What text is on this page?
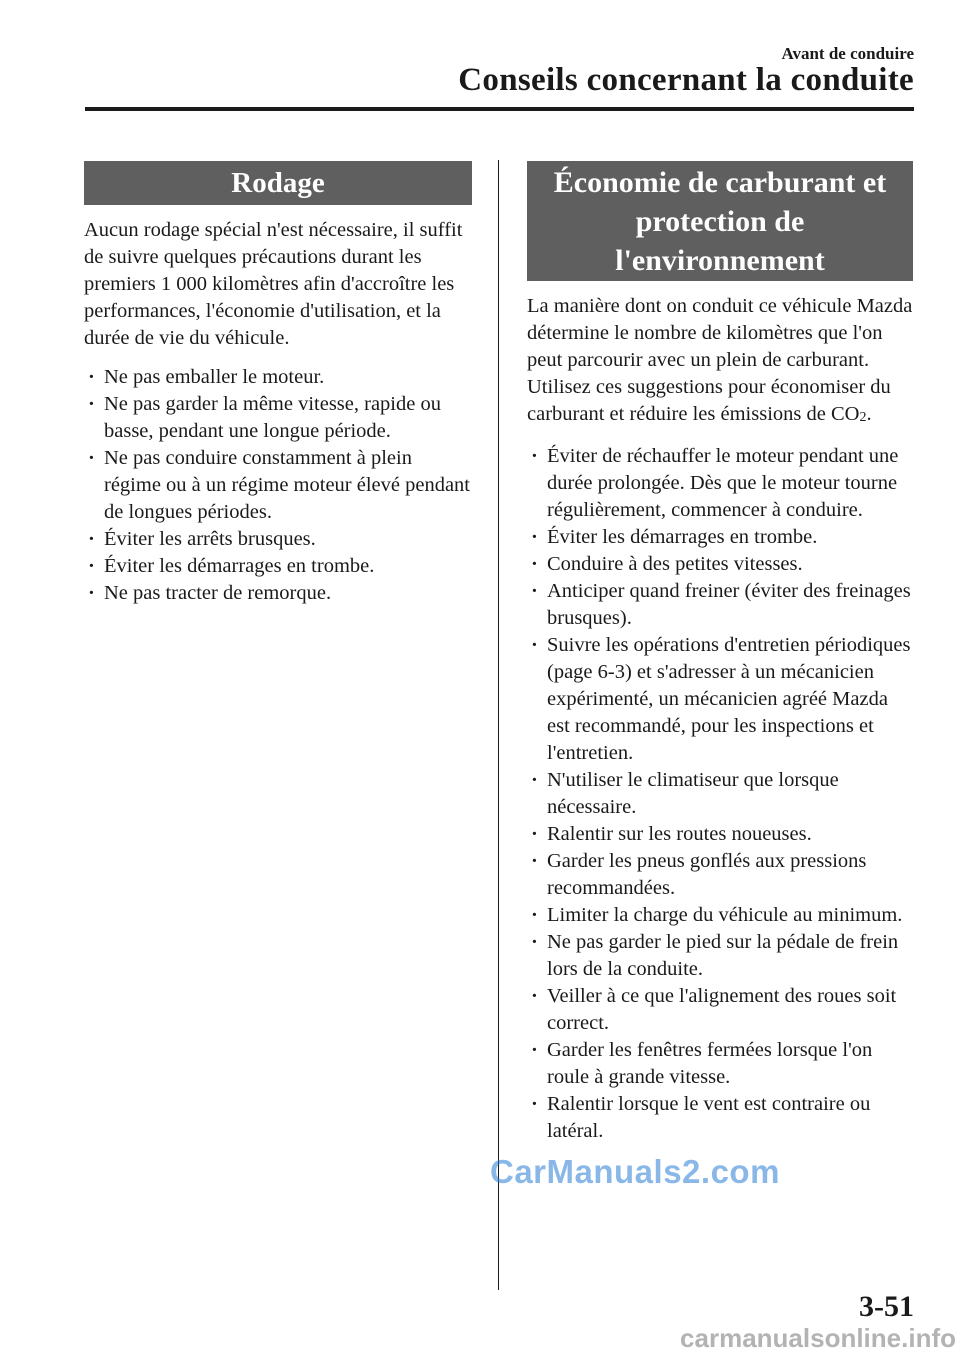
Avant de conduire
Conseils concernant la conduite
Rodage

Aucun rodage spécial n'est nécessaire, il suffit de suivre quelques précautions durant les premiers 1 000 kilomètres afin d'accroître les performances, l'économie d'utilisation, et la durée de vie du véhicule.

· Ne pas emballer le moteur.
· Ne pas garder la même vitesse, rapide ou basse, pendant une longue période.
· Ne pas conduire constamment à plein régime ou à un régime moteur élevé pendant de longues périodes.
· Éviter les arrêts brusques.
· Éviter les démarrages en trombe.
· Ne pas tracter de remorque.
Économie de carburant et
protection de
l'environnement

La manière dont on conduit ce véhicule Mazda détermine le nombre de kilomètres que l'on peut parcourir avec un plein de carburant. Utilisez ces suggestions pour économiser du carburant et réduire les émissions de CO2.

· Éviter de réchauffer le moteur pendant une durée prolongée. Dès que le moteur tourne régulièrement, commencer à conduire.
· Éviter les démarrages en trombe.
· Conduire à des petites vitesses.
· Anticiper quand freiner (éviter des freinages brusques).
· Suivre les opérations d'entretien périodiques (page 6-3) et s'adresser à un mécanicien expérimenté, un mécanicien agréé Mazda est recommandé, pour les inspections et l'entretien.
· N'utiliser le climatiseur que lorsque nécessaire.
· Ralentir sur les routes noueuses.
· Garder les pneus gonflés aux pressions recommandées.
· Limiter la charge du véhicule au minimum.
· Ne pas garder le pied sur la pédale de frein lors de la conduite.
· Veiller à ce que l'alignement des roues soit correct.
· Garder les fenêtres fermées lorsque l'on roule à grande vitesse.
· Ralentir lorsque le vent est contraire ou latéral.
CarManuals2.com
3-51
carmanualsonline.info
